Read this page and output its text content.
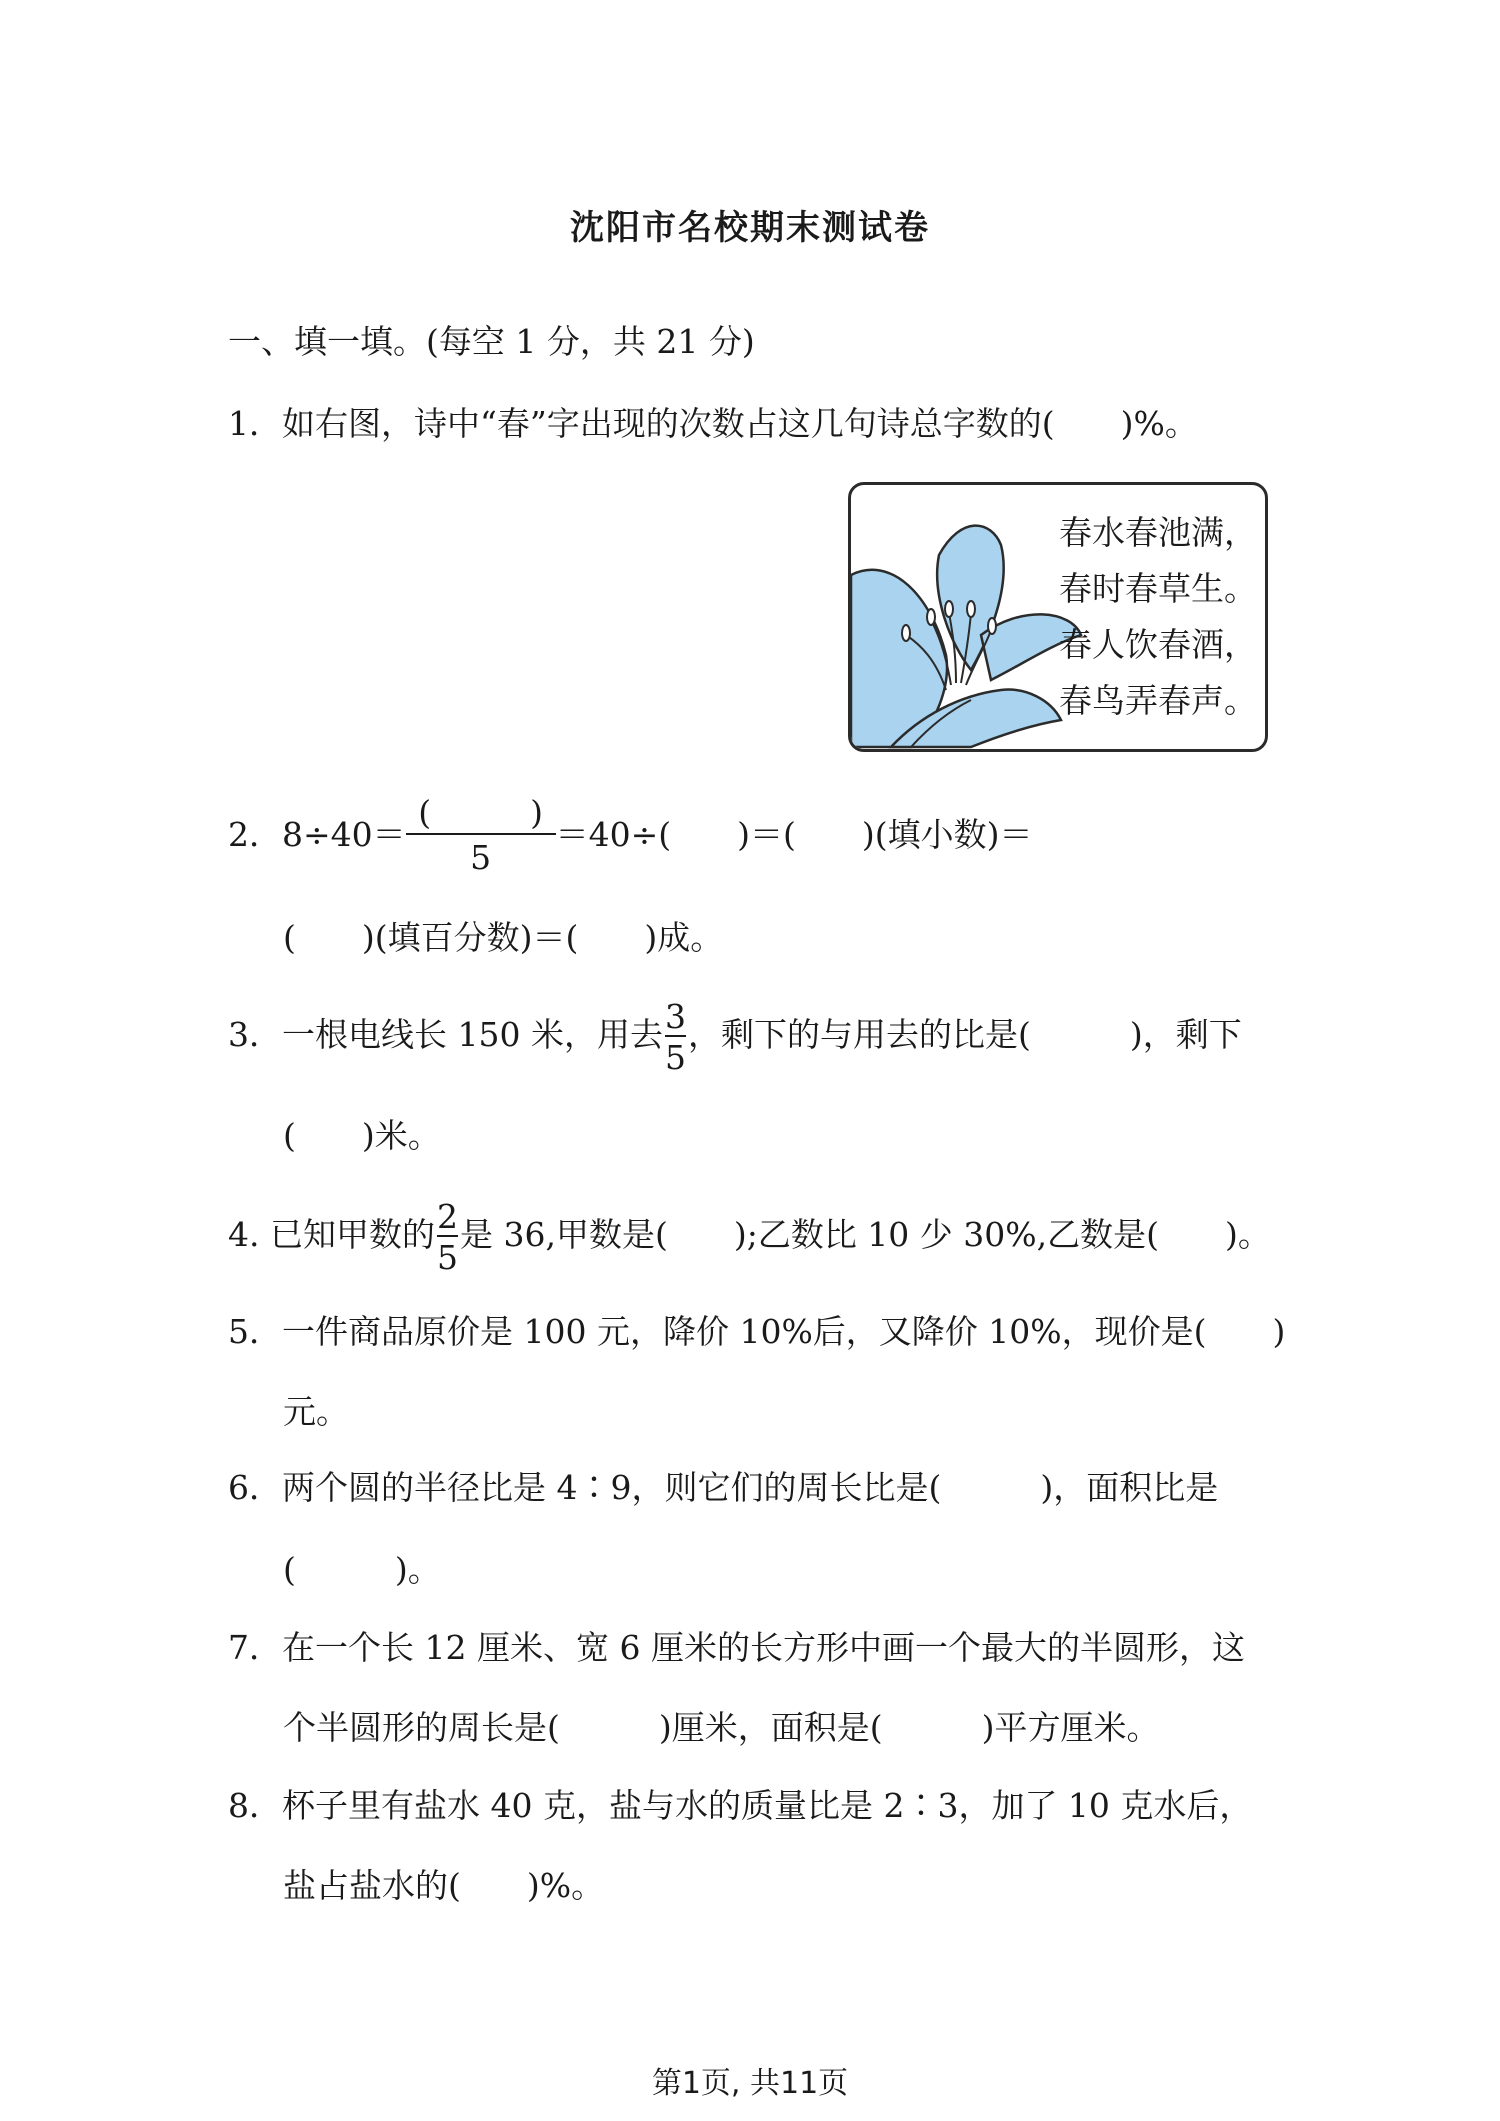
沈阳市名校期末测试卷
一、填一填。(每空 1 分，共 21 分)
1．如右图，诗中“春”字出现的次数占这几句诗总字数的(　　)%。
春水春池满，
春时春草生。
春人饮春酒，
春鸟弄春声。
2．$8\div 40= \frac{( )}{5} =40\div$(　　)＝(　　)(填小数)＝
(　　)(填百分数)＝(　　)成。
3．一根电线长 150 米，用去 $\frac{3}{5}$ ，剩下的与用去的比是(　　　)，剩下
(　　)米。
4. 已知甲数的 $\frac{2}{5}$ 是 36,甲数是(　　);乙数比 10 少 30%,乙数是(　　)。
5．一件商品原价是 100 元，降价 10%后，又降价 10%，现价是(　　)
元。
6．两个圆的半径比是 4∶9，则它们的周长比是(　　　)，面积比是
(　　　)。
7．在一个长 12 厘米、宽 6 厘米的长方形中画一个最大的半圆形，这
个半圆形的周长是(　　　)厘米，面积是(　　　)平方厘米。
8．杯子里有盐水 40 克，盐与水的质量比是 2∶3，加了 10 克水后，
盐占盐水的(　　)%。
第1页, 共11页
